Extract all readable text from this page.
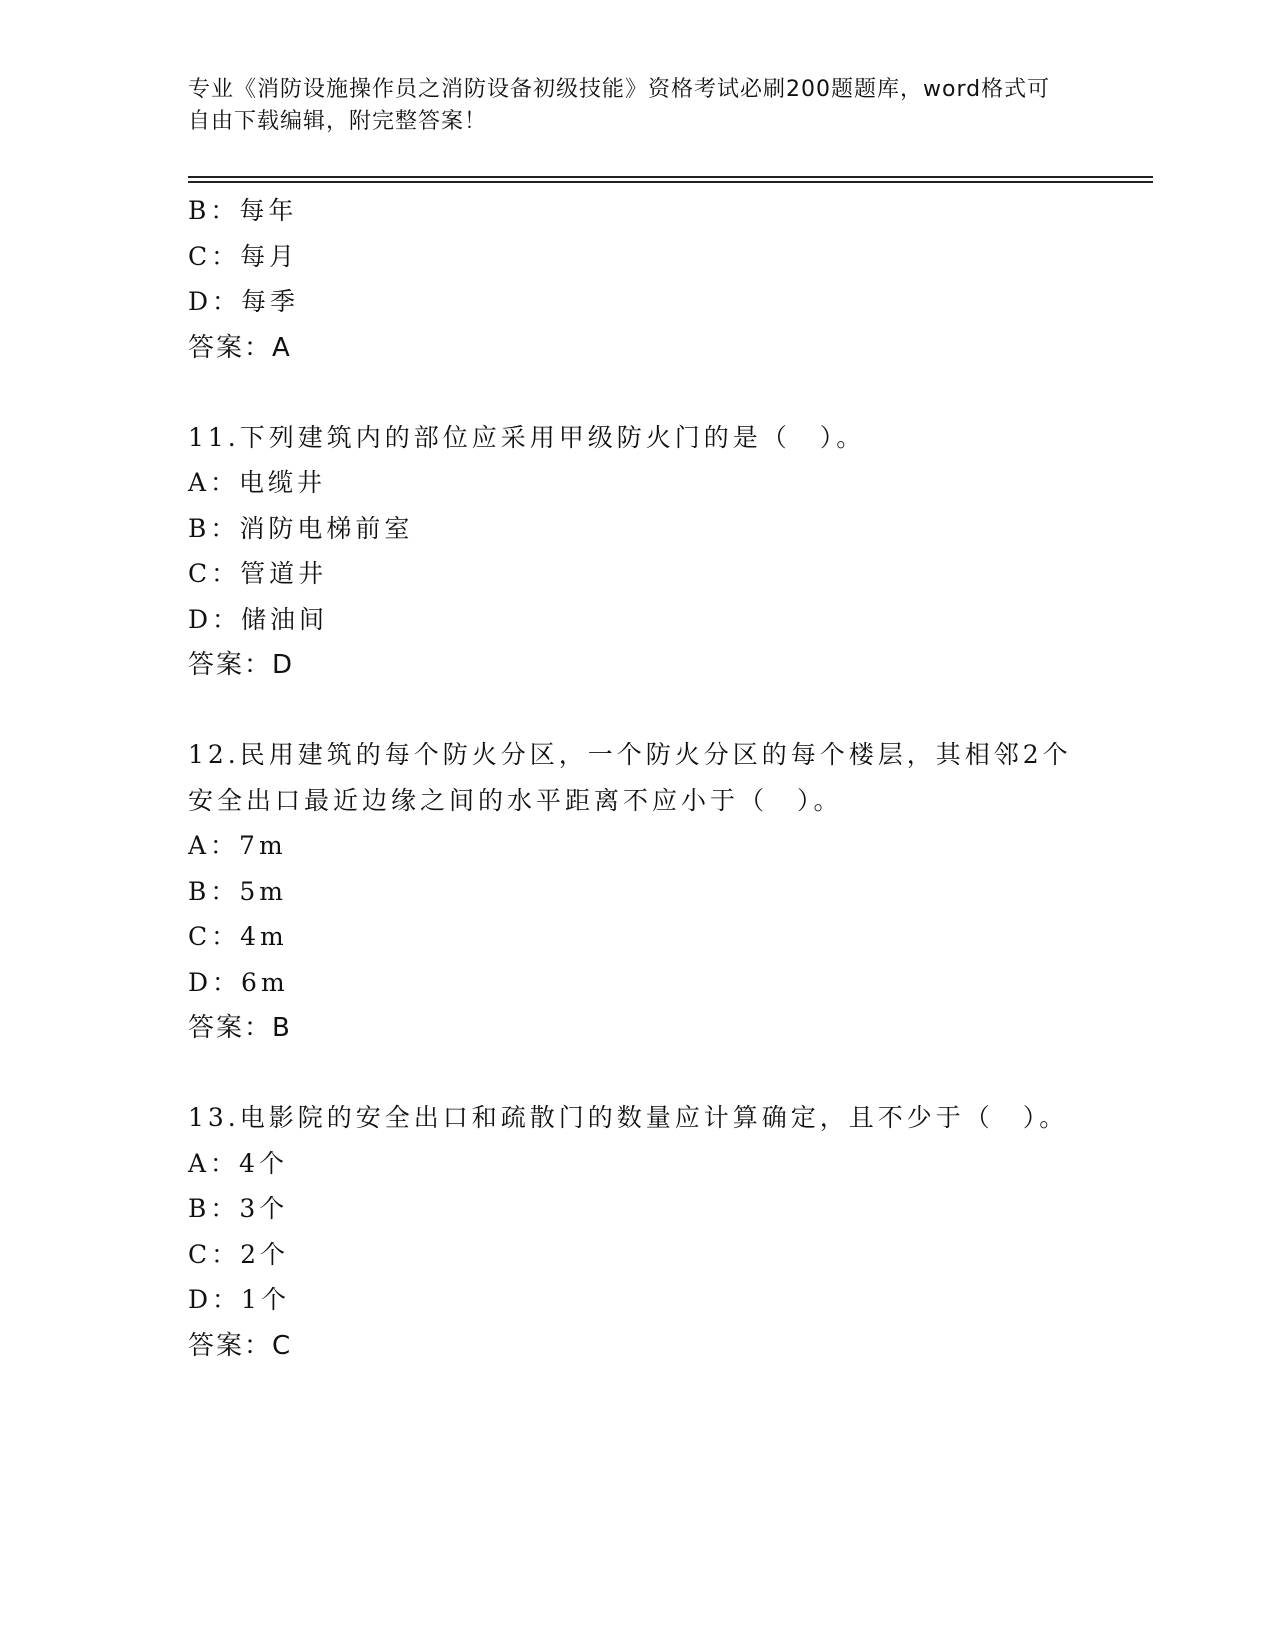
专业《消防设施操作员之消防设备初级技能》资格考试必刷200题题库，word格式可自由下载编辑，附完整答案！
B：每年
C：每月
D：每季
答案：A
11.下列建筑内的部位应采用甲级防火门的是（　）。
A：电缆井
B：消防电梯前室
C：管道井
D：储油间
答案：D
12.民用建筑的每个防火分区，一个防火分区的每个楼层，其相邻2个安全出口最近边缘之间的水平距离不应小于（　）。
A：7m
B：5m
C：4m
D：6m
答案：B
13.电影院的安全出口和疏散门的数量应计算确定，且不少于（　）。
A：4个
B：3个
C：2个
D：1个
答案：C
